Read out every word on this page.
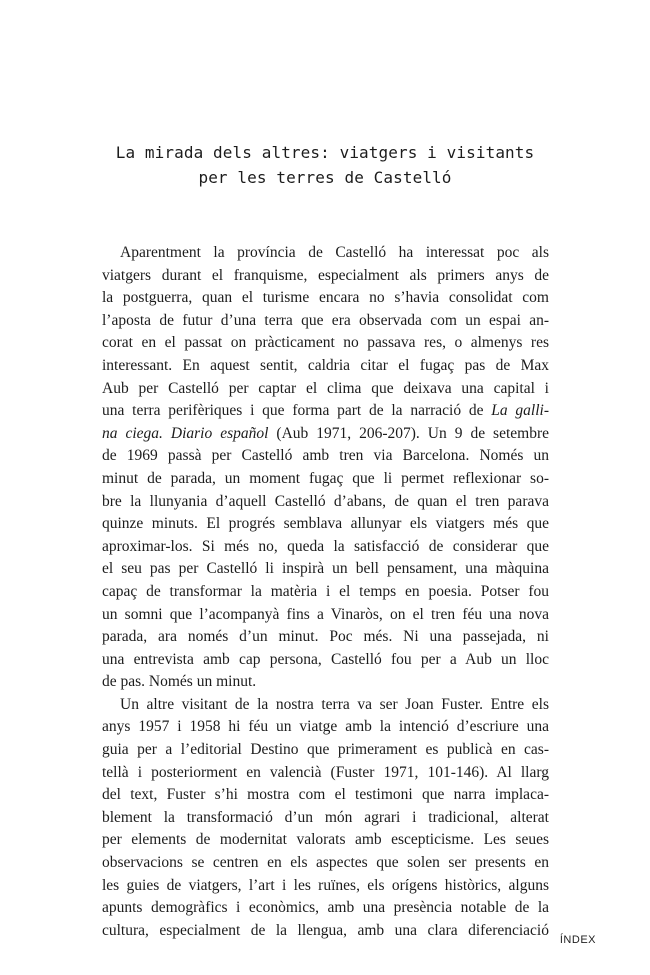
La mirada dels altres: viatgers i visitants
per les terres de Castelló
Aparentment la província de Castelló ha interessat poc als
viatgers durant el franquisme, especialment als primers anys de
la postguerra, quan el turisme encara no s’havia consolidat com
l’aposta de futur d’una terra que era observada com un espai an-
corat en el passat on pràcticament no passava res, o almenys res
interessant. En aquest sentit, caldria citar el fugaç pas de Max
Aub per Castelló per captar el clima que deixava una capital i
una terra perifèriques i que forma part de la narració de La galli-
na ciega. Diario español (Aub 1971, 206-207). Un 9 de setembre
de 1969 passà per Castelló amb tren via Barcelona. Només un
minut de parada, un moment fugaç que li permet reflexionar so-
bre la llunyania d’aquell Castelló d’abans, de quan el tren parava
quinze minuts. El progrés semblava allunyar els viatgers més que
aproximar-los. Si més no, queda la satisfacció de considerar que
el seu pas per Castelló li inspirà un bell pensament, una màquina
capaç de transformar la matèria i el temps en poesia. Potser fou
un somni que l’acompanyà fins a Vinaròs, on el tren féu una nova
parada, ara només d’un minut. Poc més. Ni una passejada, ni
una entrevista amb cap persona, Castelló fou per a Aub un lloc
de pas. Només un minut.
Un altre visitant de la nostra terra va ser Joan Fuster. Entre els
anys 1957 i 1958 hi féu un viatge amb la intenció d’escriure una
guia per a l’editorial Destino que primerament es publicà en cas-
tellà i posteriorment en valencià (Fuster 1971, 101-146). Al llarg
del text, Fuster s’hi mostra com el testimoni que narra implaca-
blement la transformació d’un món agrari i tradicional, alterat
per elements de modernitat valorats amb escepticisme. Les seues
observacions se centren en els aspectes que solen ser presents en
les guies de viatgers, l’art i les ruïnes, els orígens històrics, alguns
apunts demogràfics i econòmics, amb una presència notable de la
cultura, especialment de la llengua, amb una clara diferenciació
ÍNDEX
